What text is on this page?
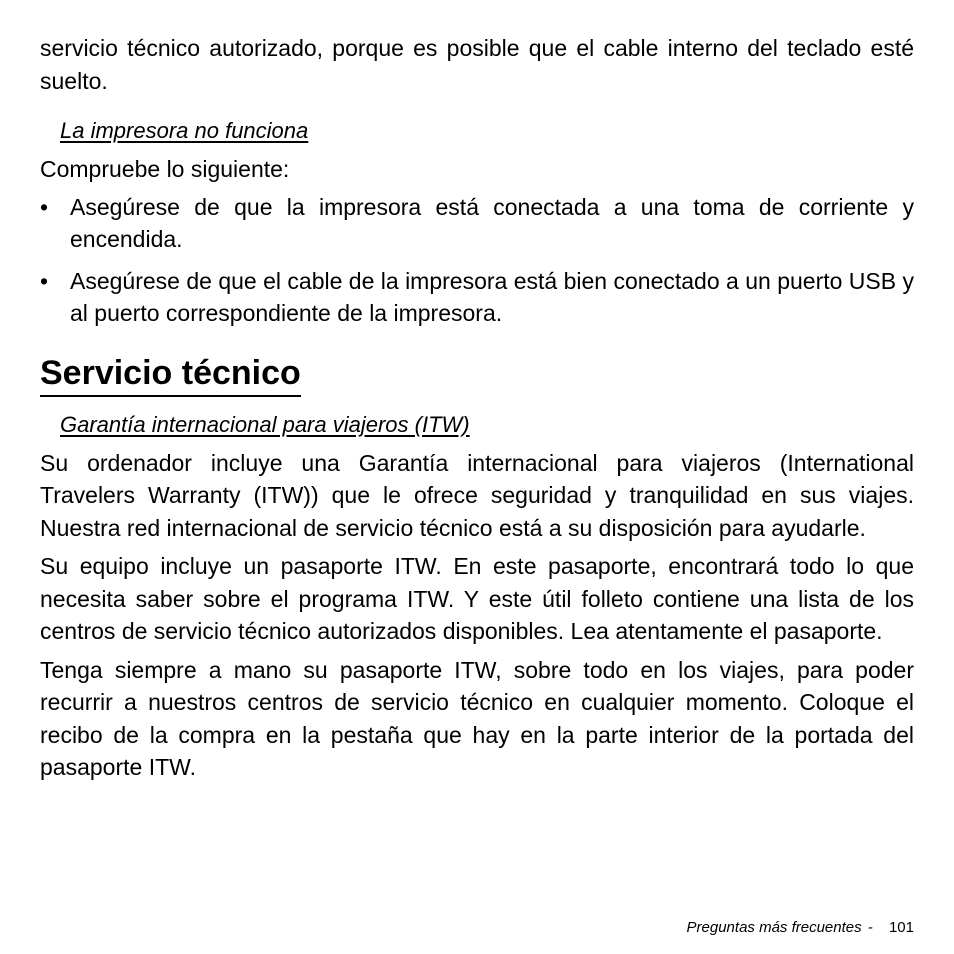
servicio técnico autorizado, porque es posible que el cable interno del teclado esté suelto.

La impresora no funciona

Compruebe lo siguiente:

• Asegúrese de que la impresora está conectada a una toma de corriente y encendida.

• Asegúrese de que el cable de la impresora está bien conectado a un puerto USB y al puerto correspondiente de la impresora.

Servicio técnico
Garantía internacional para viajeros (ITW)

Su ordenador incluye una Garantía internacional para viajeros (International Travelers Warranty (ITW)) que le ofrece seguridad y tranquilidad en sus viajes. Nuestra red internacional de servicio técnico está a su disposición para ayudarle.

Su equipo incluye un pasaporte ITW. En este pasaporte, encontrará todo lo que necesita saber sobre el programa ITW. Y este útil folleto contiene una lista de los centros de servicio técnico autorizados disponibles. Lea atentamente el pasaporte.

Tenga siempre a mano su pasaporte ITW, sobre todo en los viajes, para poder recurrir a nuestros centros de servicio técnico en cualquier momento. Coloque el recibo de la compra en la pestaña que hay en la parte interior de la portada del pasaporte ITW.

Preguntas más frecuentes - 101
